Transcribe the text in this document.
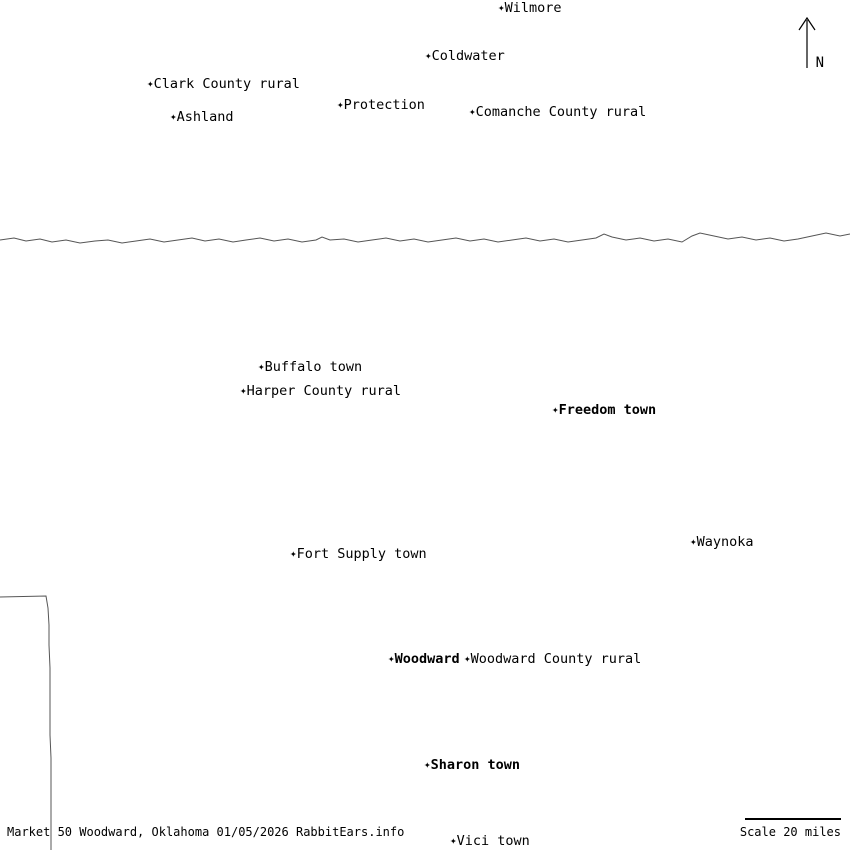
N
✦Wilmore
✦Coldwater
✦Clark County rural
✦Protection
✦Ashland	✦Comanche County rural
✦Buffalo town
✦Harper County rural
✦Freedom town
✦Waynoka
✦Fort Supply town
✦Woodward ✦Woodward County rural
✦Sharon town
✦Vici town
Scale 20 miles
Market 50 Woodward, Oklahoma 01/05/2026 RabbitEars.info
